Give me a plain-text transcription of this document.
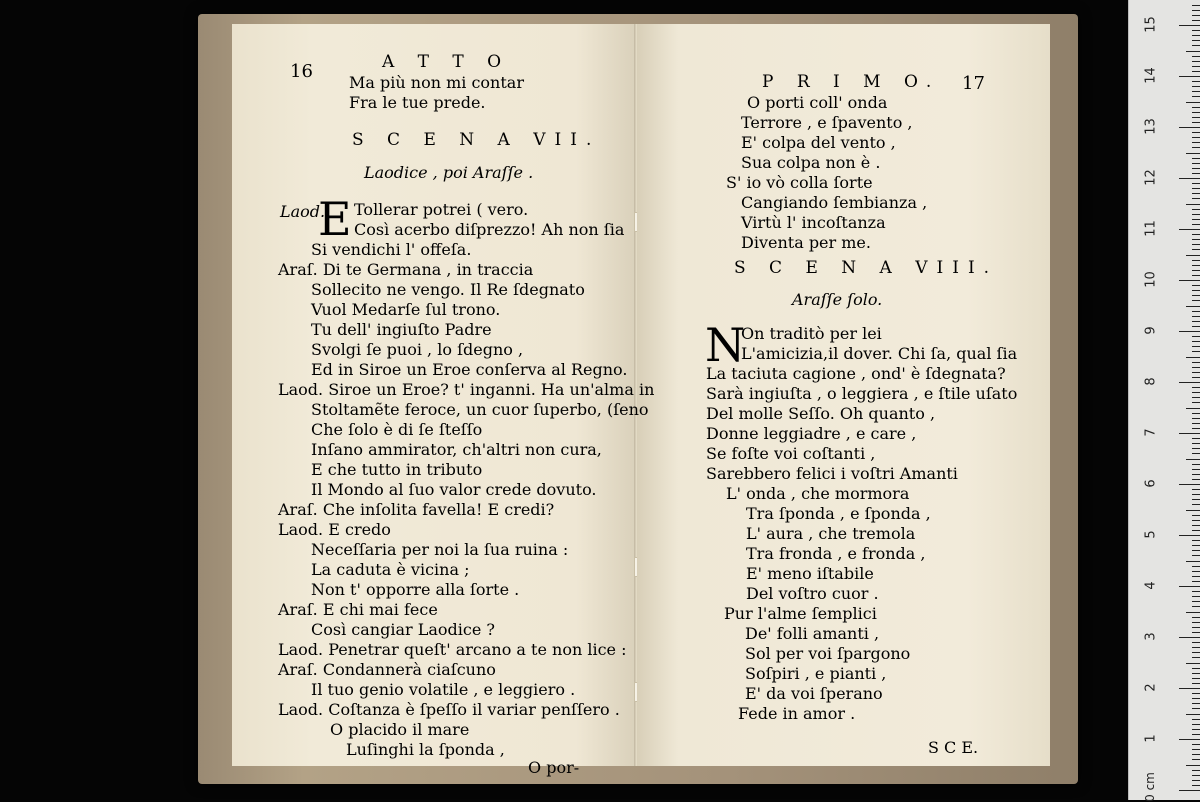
16	A T T O
Ma più non mi contar
Fra le tue prede.
S C E N A VII.
Laodice , poi Araſſe .
Laod.
E Tollerar potrei ( vero.
Così acerbo diſprezzo! Ah non ſia
Si vendichi l' offeſa.
Araſ. Di te Germana , in traccia
Sollecito ne vengo. Il Re ſdegnato
Vuol Medarſe ſul trono.
Tu dell' ingiuſto Padre
Svolgi ſe puoi , lo ſdegno ,
Ed in Siroe un Eroe conſerva al Regno.
Laod. Siroe un Eroe? t' inganni. Ha un'alma in
Stoltamẽte feroce, un cuor ſuperbo, (ſeno
Che ſolo è di ſe ſteſſo
Inſano ammirator, ch'altri non cura,
E che tutto in tributo
Il Mondo al ſuo valor crede dovuto.
Araſ. Che inſolita favella! E credi?
Laod. E credo
Neceſſaria per noi la ſua ruina :
La caduta è vicina ;
Non t' opporre alla ſorte .
Araſ. E chi mai fece
Così cangiar Laodice ?
Laod. Penetrar queſt' arcano a te non lice :
Araſ. Condannerà ciaſcuno
Il tuo genio volatile , e leggiero .
Laod. Coſtanza è ſpeſſo il variar penſſero .
O placido il mare
Luſinghi la ſponda ,
O por-
P R I M O. 17
O porti coll' onda
Terrore , e ſpavento ,
E' colpa del vento ,
Sua colpa non è .
S' io vò colla ſorte
Cangiando ſembianza ,
Virtù l' incoſtanza
Diventa per me.
S C E N A VIII.
Araſſe ſolo.
N
On traditò per lei
L'amicizia,il dover. Chi ſa, qual ſia
La taciuta cagione , ond' è ſdegnata?
Sarà ingiuſta , o leggiera , e ſtile uſato
Del molle Seſſo. Oh quanto ,
Donne leggiadre , e care ,
Se foſte voi coſtanti ,
Sarebbero felici i voſtri Amanti
L' onda , che mormora
Tra ſponda , e ſponda ,
L' aura , che tremola
Tra fronda , e fronda ,
E' meno iſtabile
Del voſtro cuor .
Pur l'alme ſemplici
De' folli amanti ,
Sol per voi ſpargono
Soſpiri , e pianti ,
E' da voi ſperano
Fede in amor .
S C E.	1
2
3
4
5
6
7
8
9
10
11
12
13
14
15
0 cm
